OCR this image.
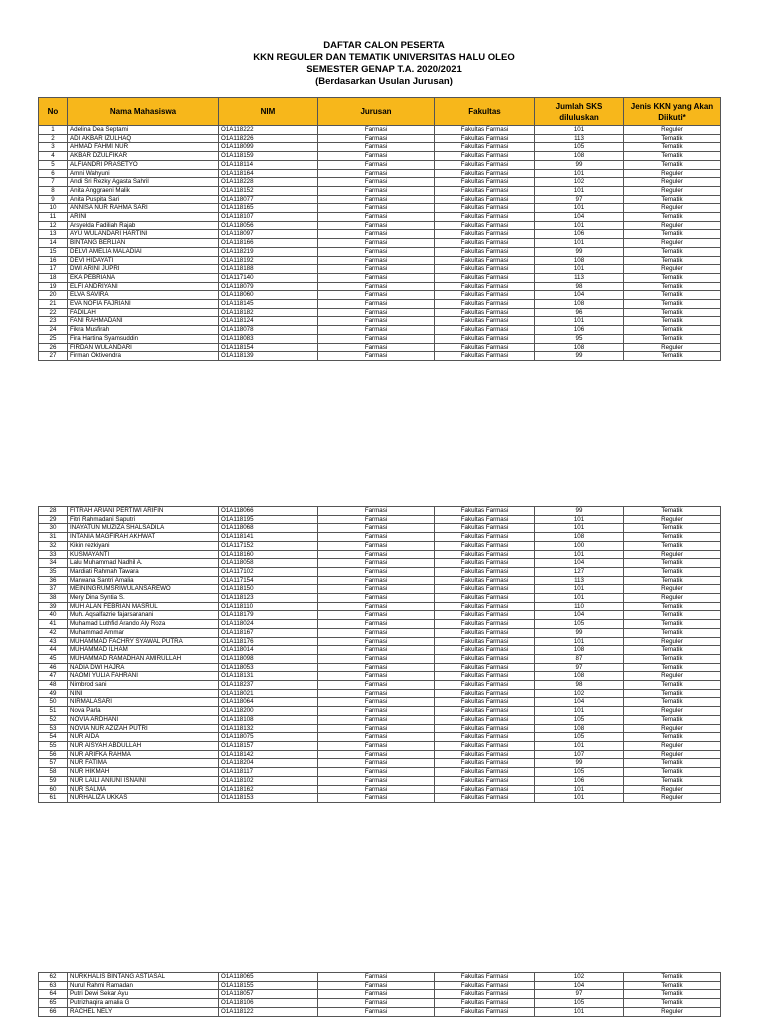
DAFTAR CALON PESERTA
KKN REGULER DAN TEMATIK UNIVERSITAS HALU OLEO
SEMESTER GENAP T.A. 2020/2021
(Berdasarkan Usulan Jurusan)
No	Nama Mahasiswa	NIM	Jurusan	Fakultas	Jumlah SKS diluluskan	Jenis KKN yang Akan Diikuti*
1	Adelina Dea Septami	O1A118222	Farmasi	Fakultas Farmasi	101	Reguler
2	ADI AKBAR IZULHAQ	O1A118226	Farmasi	Fakultas Farmasi	113	Tematik
3	AHMAD FAHMI NUR	O1A118099	Farmasi	Fakultas Farmasi	105	Tematik
4	AKBAR DZULFIKAR	O1A118159	Farmasi	Fakultas Farmasi	108	Tematik
5	ALFIANDRI PRASETYO	O1A118114	Farmasi	Fakultas Farmasi	99	Tematik
6	Amni Wahyuni	O1A118164	Farmasi	Fakultas Farmasi	101	Reguler
7	Andi Sri Rezky Agasta Sahril	O1A118228	Farmasi	Fakultas Farmasi	102	Reguler
8	Anita Anggraeni Malik	O1A118152	Farmasi	Fakultas Farmasi	101	Reguler
9	Anita Puspita Sari	O1A118077	Farmasi	Fakultas Farmasi	97	Tematik
10	ANNISA NUR RAHMA SARI	O1A118165	Farmasi	Fakultas Farmasi	101	Reguler
11	ARINI	O1A118107	Farmasi	Fakultas Farmasi	104	Tematik
12	Arsyelda Fadiliah Rajab	O1A118056	Farmasi	Fakultas Farmasi	101	Reguler
13	AYU WULANDARI HARTINI	O1A118097	Farmasi	Fakultas Farmasi	106	Tematik
14	BINTANG BERLIAN	O1A118166	Farmasi	Fakultas Farmasi	101	Reguler
15	DELVI AMELIA MALADIAI	O1A118219	Farmasi	Fakultas Farmasi	99	Tematik
16	DEVI HIDAYATI	O1A118192	Farmasi	Fakultas Farmasi	108	Tematik
17	DWI ARINI JUPRI	O1A118188	Farmasi	Fakultas Farmasi	101	Reguler
18	EKA PEBRIANA	O1A117140	Farmasi	Fakultas Farmasi	113	Tematik
19	ELFI ANDRIYANI	O1A118079	Farmasi	Fakultas Farmasi	98	Tematik
20	ELVA SAVIRA	O1A118060	Farmasi	Fakultas Farmasi	104	Tematik
21	EVA NOFIA FAJRIANI	O1A118145	Farmasi	Fakultas Farmasi	108	Tematik
22	FADILAH	O1A118182	Farmasi	Fakultas Farmasi	96	Tematik
23	FANI RAHMADANI	O1A118124	Farmasi	Fakultas Farmasi	101	Tematik
24	Fikra Musfirah	O1A118078	Farmasi	Fakultas Farmasi	106	Tematik
25	Fira Hartina Syamsuddin	O1A118083	Farmasi	Fakultas Farmasi	95	Tematik
26	FIRDAN WULANDARI	O1A118154	Farmasi	Fakultas Farmasi	108	Reguler
27	Firman Oktivendra	O1A118139	Farmasi	Fakultas Farmasi	99	Tematik
28	FITRAH ARIANI PERTIWI ARIFIN	O1A118066	Farmasi	Fakultas Farmasi	99	Tematik
29	Fitri Rahmadani Saputri	O1A118195	Farmasi	Fakultas Farmasi	101	Reguler
30	INAYATUN MUZIZA SHALSADILA	O1A118068	Farmasi	Fakultas Farmasi	101	Tematik
31	INTANIA MAGFIRAH AKHWAT	O1A118141	Farmasi	Fakultas Farmasi	108	Tematik
32	Kikin rezkiyani	O1A117152	Farmasi	Fakultas Farmasi	100	Tematik
33	KUSMAYANTI	O1A118160	Farmasi	Fakultas Farmasi	101	Reguler
34	Lalu Muhammad Nadhil A.	O1A118058	Farmasi	Fakultas Farmasi	104	Tematik
35	Mardiati Rahmah Tawara	O1A117102	Farmasi	Fakultas Farmasi	127	Tematik
36	Marwana Santri Amalia	O1A117154	Farmasi	Fakultas Farmasi	113	Tematik
37	MEININGRUMSRIWULANSAREWO	O1A118150	Farmasi	Fakultas Farmasi	101	Reguler
38	Mery Dina Syntia S.	O1A118123	Farmasi	Fakultas Farmasi	101	Reguler
39	MUH ALAN FEBRIAN MASRUL	O1A118110	Farmasi	Fakultas Farmasi	110	Tematik
40	Muh. Aqsalfazrie fajarsaranani	O1A118179	Farmasi	Fakultas Farmasi	104	Tematik
41	Muhamad Luthfid Arando Aly Roza	O1A118024	Farmasi	Fakultas Farmasi	105	Tematik
42	Muhammad Ammar	O1A118167	Farmasi	Fakultas Farmasi	99	Tematik
43	MUHAMMAD FACHRY SYAWAL PUTRA	O1A118176	Farmasi	Fakultas Farmasi	101	Reguler
44	MUHAMMAD ILHAM	O1A118014	Farmasi	Fakultas Farmasi	108	Tematik
45	MUHAMMAD RAMADHAN AMIRULLAH	O1A118098	Farmasi	Fakultas Farmasi	87	Tematik
46	NADIA DWI HAJRA	O1A118053	Farmasi	Fakultas Farmasi	97	Tematik
47	NAOMI YULIA FAHRANI	O1A118131	Farmasi	Fakultas Farmasi	108	Reguler
48	Nimbrod sani	O1A118237	Farmasi	Fakultas Farmasi	98	Tematik
49	NINI	O1A118021	Farmasi	Fakultas Farmasi	102	Tematik
50	NIRMALASARI	O1A118064	Farmasi	Fakultas Farmasi	104	Tematik
51	Nova Parla	O1A118200	Farmasi	Fakultas Farmasi	101	Reguler
52	NOVIA ARDHANI	O1A118108	Farmasi	Fakultas Farmasi	105	Tematik
53	NOVIA NUR AZIZAH PUTRI	O1A118132	Farmasi	Fakultas Farmasi	108	Reguler
54	NUR AIDA	O1A118075	Farmasi	Fakultas Farmasi	105	Tematik
55	NUR AISYAH ABDULLAH	O1A118157	Farmasi	Fakultas Farmasi	101	Reguler
56	NUR ARIFKA RAHMA	O1A118142	Farmasi	Fakultas Farmasi	107	Reguler
57	NUR FATIMA	O1A118204	Farmasi	Fakultas Farmasi	99	Tematik
58	NUR HIKMAH	O1A118117	Farmasi	Fakultas Farmasi	105	Tematik
59	NUR LAILI ANIUNI ISNAINI	O1A118102	Farmasi	Fakultas Farmasi	106	Tematik
60	NUR SALMA	O1A118162	Farmasi	Fakultas Farmasi	101	Reguler
61	NURHALIZA UKKAS	O1A118153	Farmasi	Fakultas Farmasi	101	Reguler
62	NURKHALIS BINTANG ASTIASAL	O1A118065	Farmasi	Fakultas Farmasi	102	Tematik
63	Nurul Rahmi Ramadan	O1A118155	Farmasi	Fakultas Farmasi	104	Tematik
64	Putri Dewi Sekar Ayu	O1A118057	Farmasi	Fakultas Farmasi	97	Tematik
65	Putrizhaqira amalia G	O1A118106	Farmasi	Fakultas Farmasi	105	Tematik
66	RACHEL NELY	O1A118122	Farmasi	Fakultas Farmasi	101	Reguler
